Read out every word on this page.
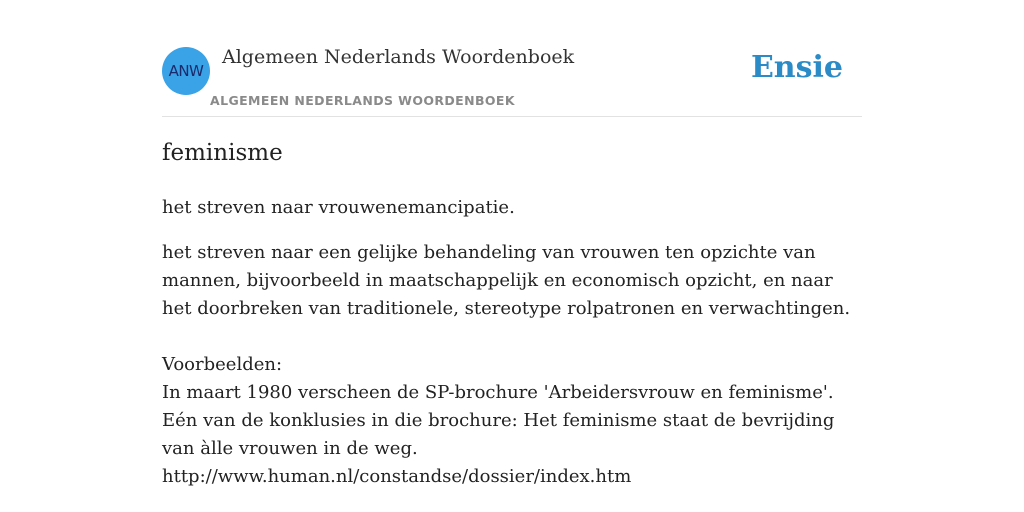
ANW
Algemeen Nederlands Woordenboek
ALGEMEEN NEDERLANDS WOORDENBOEK
Ensie
feminisme
het streven naar vrouwenemancipatie.

het streven naar een gelijke behandeling van vrouwen ten opzichte van mannen, bijvoorbeeld in maatschappelijk en economisch opzicht, en naar het doorbreken van traditionele, stereotype rolpatronen en verwachtingen.

Voorbeelden:

In maart 1980 verscheen de SP-brochure 'Arbeidersvrouw en feminisme'. Eén van de konklusies in die brochure: Het feminisme staat de bevrijding van àlle vrouwen in de weg.

http://www.human.nl/constandse/dossier/index.htm
